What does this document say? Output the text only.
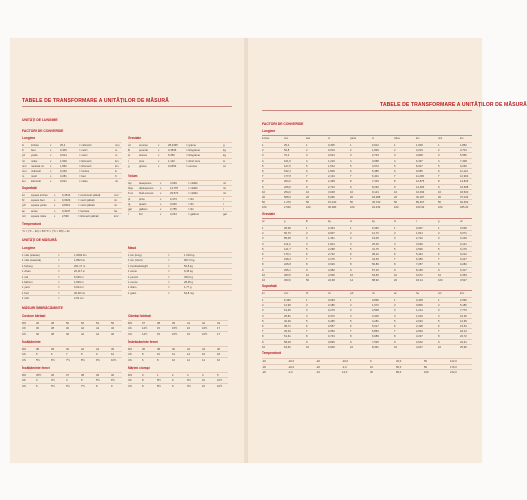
TABELE DE TRANSFORMARE A UNITĂȚILOR DE MĂSURĂ
UNITĂȚI DE LUNGIME
FACTORI DE CONVERSIE
Lungime
in	inches	x	25,4	= milimetri	mm
ft	feet	x	0,305	= metri	m
yd yards	x	0,914	= metri	m
mi miles	x	1,609	= kilometri	km
nmi nautical mi x	1,852	= kilometri	km
mm milimetri	x	0,039	= inches	in
m	metri	x	3,281	= feet	ft
km kilometri	x	0,621	= miles	mi
Suprafață
in² square inches x 6,4516	= centimetri pătrați	cm²
ft² square feet	x 0,0929	= metri pătrați	m²
yd² square yards	x 0,8361	= metri pătrați	m²
ac acres	x 0,4047	= hectare	ha
mi² square miles	x 2,590	= kilometri pătrați	km²
Temperatură
°C = (°F − 32) × 5/9 °F = (°C × 9/5) + 32
Greutate
oz	ounces	x	28,3495	= grame	g
lb	pounds	x	0,4536	= kilograme	kg
st	stones	x	6,350	= kilograme	kg
t	tone	x	1,102	= short tons	tn
g	grame	x	0,0353	= ounces	oz
Volum
tsp	teaspoons	x	4,929	= mililitri	ml
tbsp tablespoons x	14,787	= mililitri	ml
fl oz fluid ounces x	29,574	= mililitri	ml
pt	pints	x	0,473	= litri	l
qt	quarts	x	0,946	= litri	l
gal	gallons	x	3,785	= litri	l
l	litri	x	0,264	= gallons	gal
UNITĂȚI DE MĂSURĂ
Lungime
1 mile (statute)	=	1,6093 km
1 mile (nautical)	=	1,852 km
1 furlong	=	201,17 m
1 chain	=	20,117 m
1 rod	=	5,029 m
1 fathom	=	1,829 m
1 yard	=	0,914 m
1 foot	=	30,48 cm
1 inch	=	2,54 cm
Masă
1 ton (long)	=	1 016 kg
1 ton (short)	=	907,2 kg
1 hundredweight	=	50,8 kg
1 stone	=	6,35 kg
1 pound	=	453,6 g
1 ounce	=	28,35 g
1 dram	=	1,77 g
1 grain	=	64,8 mg
MĂSURI ÎMBRĂCĂMINTE
Costum bărbați
RO	46	48	50	52	54	56
UK	36	38	40	42	44	46
US	36	38	40	42	44	46
Cămăși bărbați
RO	37	38	39	41	42	43
UK	14½	15	15½	16	16½	17
US	14½	15	15½	16	16½	17
Încălțăminte
RO	38	39	40	42	44	45
UK	5	6	7	8	9	10
US	5½	6½	7½	8½	9½	10½
Îmbrăcăminte femei
RO	36	38	40	42	44	46
UK	8	10	12	14	16	18
US	6	8	10	12	14	16
Încălțăminte femei
RO	35½	36	37	38	39	40
UK	3	3½	4	5	5½	6½
US	5	5½	6½	7½	8	9
Mărimi ciorapi
RO	0	1	2	3	4	5
UK	8	8½	9	9½	10	10½
US	8	8½	9	9½	10	10½
TABELE DE TRANSFORMARE A UNITĂȚILOR DE MĂSURĂ
FACTORI DE CONVERSIE
Lungime
inches	mm	feet	m	yards	m	miles	km	nmi	km
1	25,4	1	0,305	1	0,914	1	1,609	1	1,852
2	50,8	2	0,610	2	1,829	2	3,219	2	3,704
3	76,2	3	0,914	3	2,743	3	4,828	3	5,556
4	101,6	4	1,219	4	3,658	4	6,437	4	7,408
5	127,0	5	1,524	5	4,572	5	8,047	5	9,260
6	152,4	6	1,829	6	5,486	6	9,656	6	11,112
7	177,8	7	2,134	7	6,401	7	11,265	7	12,964
8	203,2	8	2,438	8	7,315	8	12,875	8	14,816
9	228,6	9	2,743	9	8,230	9	14,484	9	16,668
10	254,0	10	3,048	10	9,144	10	16,093	10	18,520
20	508,0	20	6,096	20	18,288	20	32,187	20	37,040
50	1 270	50	15,240	50	45,720	50	80,467	50	92,600
100	2 540	100	30,480	100	91,440	100	160,93	100	185,20
Greutate
oz	g	lb	kg	st	kg	tn	t	g	oz
1	28,35	1	0,454	1	6,350	1	0,907	1	0,035
2	56,70	2	0,907	2	12,70	2	1,814	2	0,071
3	85,05	3	1,361	3	19,05	3	2,722	3	0,106
4	113,4	4	1,814	4	25,40	4	3,629	4	0,141
5	141,7	5	2,268	5	31,75	5	4,536	5	0,176
6	170,1	6	2,722	6	38,10	6	5,443	6	0,212
7	198,4	7	3,175	7	44,45	7	6,350	7	0,247
8	226,8	8	3,629	8	50,80	8	7,257	8	0,282
9	255,1	9	4,082	9	57,15	9	8,165	9	0,317
10	283,5	10	4,536	10	63,50	10	9,072	10	0,353
16	453,6	50	22,68	14	88,90	20	18,14	100	3,527
Suprafață
in²	cm²	ft²	m²	yd²	m²	ac	ha	mi²	km²
1	6,452	1	0,093	1	0,836	1	0,405	1	2,590
2	12,90	2	0,186	2	1,672	2	0,809	2	5,180
3	19,35	3	0,279	3	2,508	3	1,214	3	7,770
4	25,81	4	0,372	4	3,345	4	1,619	4	10,36
5	32,26	5	0,465	5	4,181	5	2,023	5	12,95
6	38,71	6	0,557	6	5,017	6	2,428	6	15,54
7	45,16	7	0,650	7	5,853	7	2,833	7	18,13
8	51,61	8	0,743	8	6,689	8	3,237	8	20,72
9	58,06	9	0,836	9	7,525	9	3,642	9	23,31
10	64,52	10	0,929	10	8,361	10	4,047	10	25,90
Temperatură
-40	-40,0	-40	-40,0	0	32,0	50	122,0
-30	-22,0	-20	-4,0	10	50,0	80	176,0
-20	-4,0	-10	14,0	30	86,0	100	212,0
